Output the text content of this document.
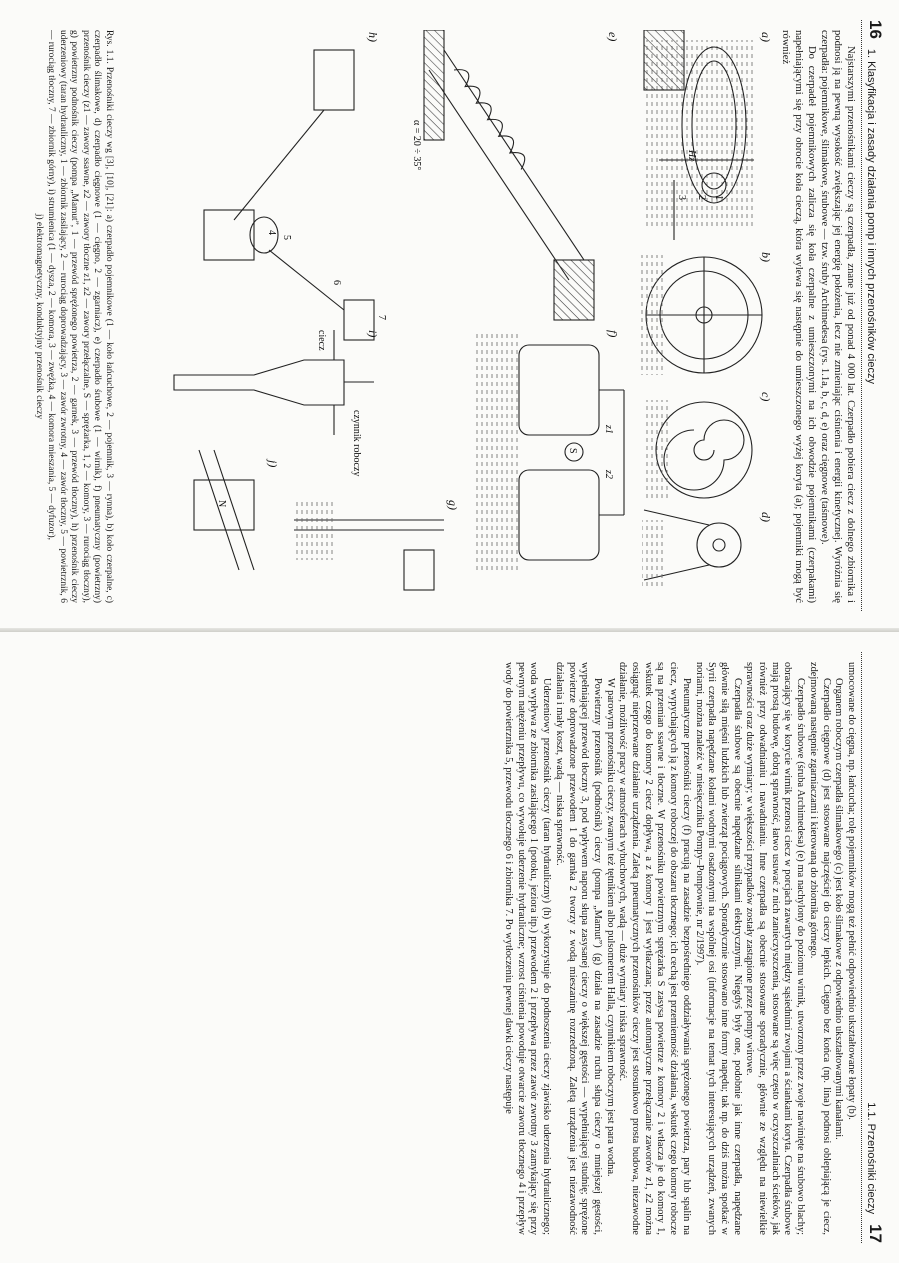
16
1. Klasyfikacja i zasady działania pomp i innych przenośników cieczy

Najstarszymi przenośnikami cieczy są czerpadła, znane już od ponad 4 000 lat. Czerpadło pobiera ciecz z dolnego zbiornika i podnosi ją na pewną wysokość zwiększając jej energię położenia, lecz nie zmieniając ciśnienia i energii kinetycznej. Wyróżnia się czerpadła: pojemnikowe, ślimakowe, śrubowe — tzw. śruby Archimedesa (rys. 1.1a, b, c, d, e) oraz cięgnowe (taśmowe).

Do czerpadeł pojemnikowych zalicza się koła czerpalne z umieszczonymi na ich obwodzie pojemnikami (czerpakami) napełniającymi się przy obrocie koła cieczą, która wylewa się następnie do umieszczonego wyżej koryta (a); pojemniki mogą być również

a)
b)
c)
d)
e)
f)
g)
h)
i)
j)
Hz
α = 20 ÷ 35°
czynnik roboczy
ciecz
S
z1
z2
N
1
2
3
4
5
6
7
Rys. 1.1. Przenośniki cieczy wg [3], [10], [21]: a) czerpadło pojemnikowe (1 — koło łańcuchowe, 2 — pojemnik, 3 — rynna), b) koło czerpalne, c) czerpadło ślimakowe, d) czerpadło cięgnowe (1 — cięgno, 2 — zgarniacz), e) czerpadło śrubowe (1 — wirnik), f) pneumatyczny (powietrzny) przenośnik cieczy (z1 — zawory ssawne, z2 — zawory tłoczne z1, z2 — zawory przełączalne, S — sprężarka, 1, 2 — komory, 3 — rurociąg tłoczny), g) powietrzny podnośnik cieczy (pompa „Mamut”, 1 — przewód sprężonego powietrza, 2 — garnek, 3 — przewód tłoczny), h) przenośnik cieczy uderzeniowy (taran hydrauliczny, 1 — zbiornik zasilający, 2 — rurociąg doprowadzający, 3 — zawór zwrotny, 4 — zawór tłoczny, 5 — powietrznik, 6 — rurociąg tłoczny, 7 — zbiornik górny), i) strumienica (1 — dysza, 2 — komora, 3 — zwężka, 4 — komora mieszania, 5 — dyfuzor),
j) elektromagnetyczny, konduktyjny przenośnik cieczy
1.1. Przenośniki cieczy
17

umocowane do cięgna, np. łańcucha; rolę pojemników mogą też pełnić odpowiednio ukształtowane łopaty (b).

Organem roboczym czerpadła ślimakowego (c) jest koło ślimakowe z odpowiednio ukształtowanymi kanałami.

Czerpadło cięgnowe (d) jest stosowane najczęściej do cieczy lepkich. Cięgno bez końca (np. lina) podnosi oblepiającą je ciecz, zdejmowaną następnie zgarniaczami i kierowaną do zbiornika górnego.

Czerpadło śrubowe (śruba Archimedesa) (e) ma nachylony do poziomu wirnik, utworzony przez zwoje nawinięte na śrubowo blachy; obracający się w korycie wirnik przenosi ciecz w porcjach zawartych między sąsiednimi zwojami a ściankami koryta. Czerpadła śrubowe mają prostą budowę, dobrą sprawność, łatwo usuwać z nich zanieczyszczenia, stosowane są więc często w oczyszczalniach ścieków, jak również przy odwadnianiu i nawadnianiu. Inne czerpadła są obecnie stosowane sporadycznie, głównie ze względu na niewielkie sprawności oraz duże wymiary; w większości przypadków zostały zastąpione przez pompy wirowe.

Czerpadła śrubowe są obecnie napędzane silnikami elektrycznymi. Niegdyś były one, podobnie jak inne czerpadła, napędzane głównie siłą mięśni ludzkich lub zwierząt pociągowych. Sporadycznie stosowano inne formy napędu; tak np. do dziś można spotkać w Syrii czerpadła napędzane kołami wodnymi osadzonymi na wspólnej osi (informacje na temat tych interesujących urządzeń, zwanych noriami, można znaleźć w miesięczniku Pompy–Pompownie, nr 2/1997).

Pneumatyczne przenośniki cieczy (f) pracują na zasadzie bezpośredniego oddziaływania sprężonego powietrza, pary lub spalin na ciecz, wypychających ją z komory roboczej do obszaru tłocznego; ich cechą jest przemienność działania, wskutek czego komory robocze są na przemian ssawne i tłoczne. W przenośniku powietrznym sprężarka S zasysa powietrze z komory 2 i wtłacza je do komory 1, wskutek czego do komory 2 ciecz dopływa, a z komory 1 jest wytłaczana; przez automatyczne przełączanie zaworów z1, z2 można osiągnąć nieprzerwane działanie urządzenia. Zaletą pneumatycznych przenośników cieczy jest stosunkowo prosta budowa, niezawodne działanie, możliwość pracy w atmosferach wybuchowych, wadą — duże wymiary i niska sprawność.

W parowym przenośniku cieczy, zwanym też tętnikiem albo pulsometrem Halla, czynnikiem roboczym jest para wodna.

Powietrzny przenośnik (podnośnik) cieczy (pompa „Mamut”) (g) działa na zasadzie ruchu słupa cieczy o mniejszej gęstości, wypełniającej przewód tłoczny 3, pod wpływem naporu słupa zasysanej cieczy o większej gęstości — wypełniającej studnię; sprężone powietrze doprowadzone przewodem 1 do garnka 2 tworzy z wodą mieszaninę rozrzedzoną. Zaletą urządzenia jest niezawodność działania i mały koszt, wadą — niska sprawność.

Uderzeniowy przenośnik cieczy (taran hydrauliczny) (h) wykorzystuje do podnoszenia cieczy zjawisko uderzenia hydraulicznego; woda wypływa ze zbiornika zasilającego 1 (potoku, jeziora itp.) przewodem 2 i przepływa przez zawór zwrotny 3 zamykający się przy pewnym natężeniu przepływu, co wywołuje uderzenie hydrauliczne; wzrost ciśnienia powoduje otwarcie zaworu tłocznego 4 i przepływ wody do powietrznika 5, przewodu tłocznego 6 i zbiornika 7. Po wytłoczeniu pewnej dawki cieczy następuje
